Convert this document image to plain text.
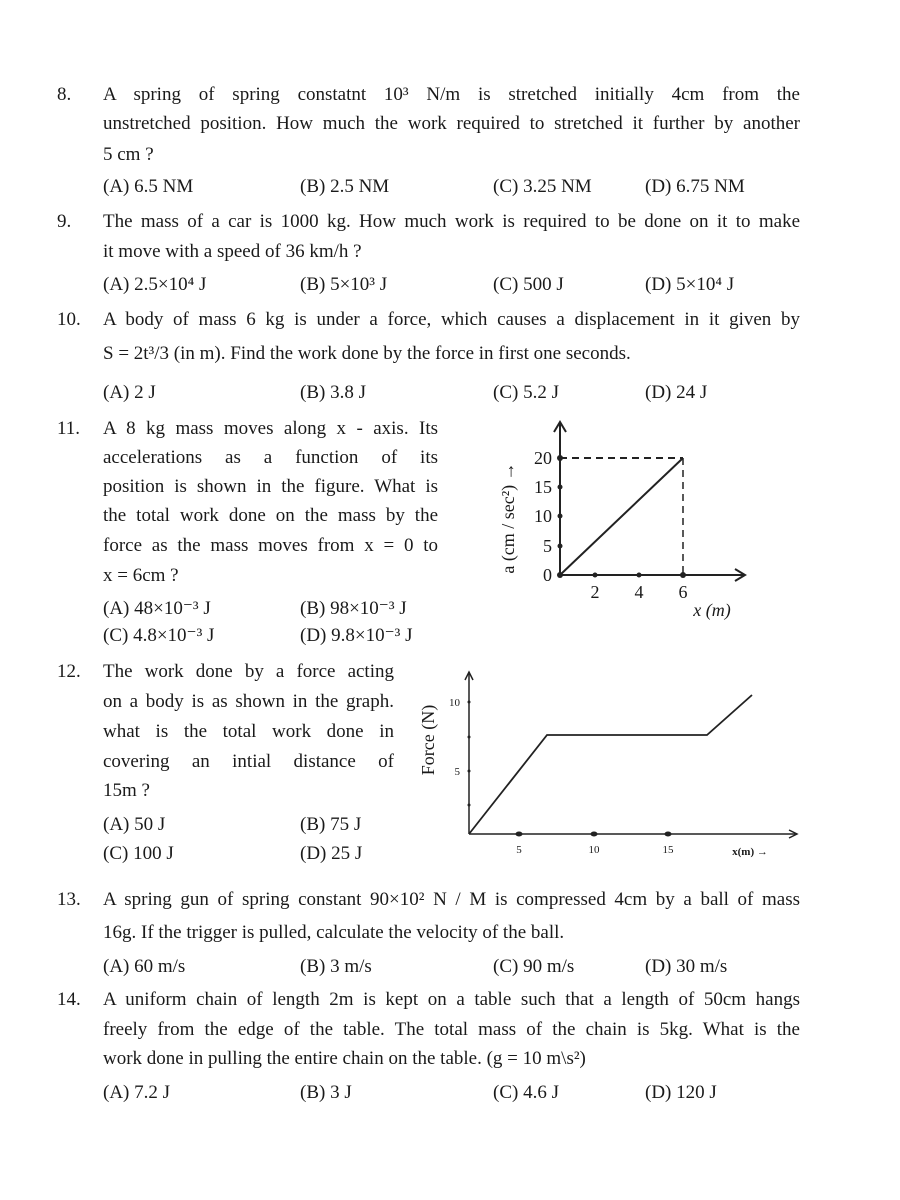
8. A spring of spring constatnt 10³ N/m is stretched initially 4cm from the
unstretched position. How much the work required to stretched it further by another
5 cm ?
(A) 6.5 NM	(B) 2.5 NM	(C) 3.25 NM	(D) 6.75 NM
9. The mass of a car is 1000 kg. How much work is required to be done on it to make
it move with a speed of 36 km/h ?
(A) 2.5×10⁴ J	(B) 5×10³ J	(C) 500 J	(D) 5×10⁴ J
10. A body of mass 6 kg is under a force, which causes a displacement in it given by
S = 2t³/3 (in m). Find the work done by the force in first one seconds.
(A) 2 J	(B) 3.8 J	(C) 5.2 J	(D) 24 J
11. A 8 kg mass moves along x - axis. Its
accelerations as a function of its
position is shown in the figure. What is
the total work done on the mass by the
force as the mass moves from x = 0 to
x = 6cm ?
(A) 48×10⁻³ J	(B) 98×10⁻³ J
(C) 4.8×10⁻³ J	(D) 9.8×10⁻³ J
12. The work done by a force acting
on a body is as shown in the graph.
what is the total work done in
covering an intial distance of
15m ?
(A) 50 J	(B) 75 J
(C) 100 J	(D) 25 J
13. A spring gun of spring constant 90×10² N / M is compressed 4cm by a ball of mass
16g. If the trigger is pulled, calculate the velocity of the ball.
(A) 60 m/s	(B) 3 m/s	(C) 90 m/s	(D) 30 m/s
14. A uniform chain of length 2m is kept on a table such that a length of 50cm hangs
freely from the edge of the table. The total mass of the chain is 5kg. What is the
work done in pulling the entire chain on the table. (g = 10 m\s²)
(A) 7.2 J	(B) 3 J	(C) 4.6 J	(D) 120 J
0
5
10
15
20
2 4 6
x (m)
a (cm / sec²) →
5
10
5	10	15	x(m) →
Force (N)
